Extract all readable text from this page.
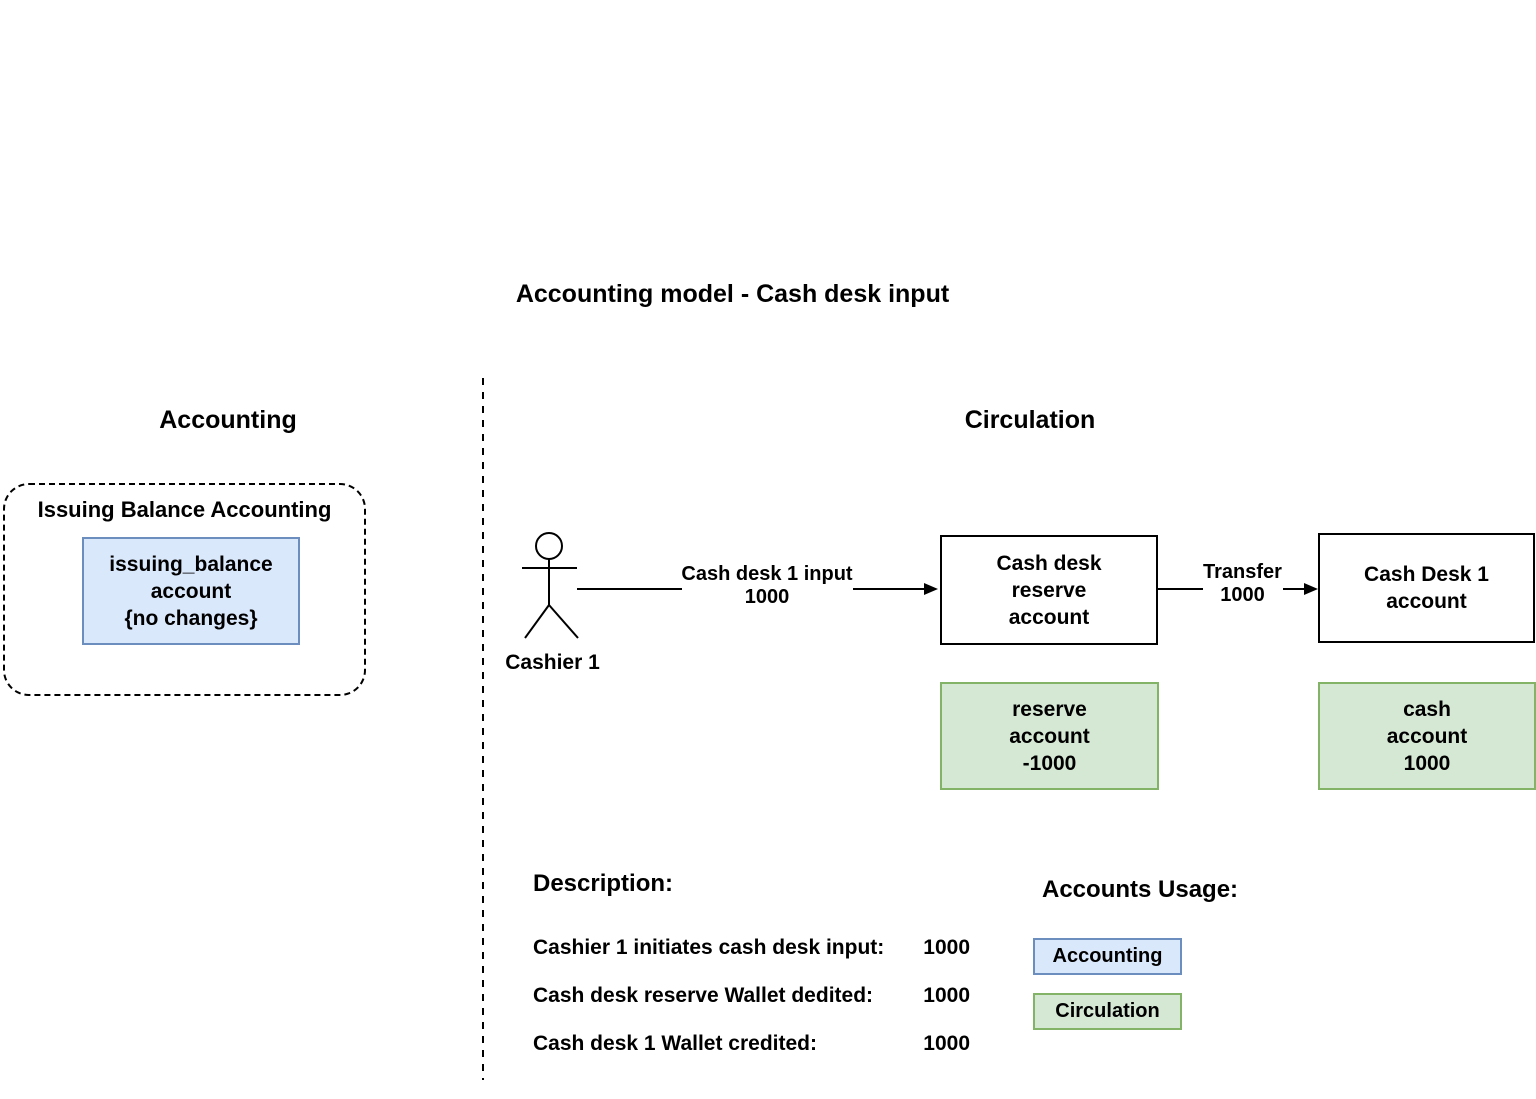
Accounting model - Cash desk input
Accounting	Circulation
Issuing Balance Accounting
issuing_balance
account
{no changes}
Cashier 1
Cash desk 1 input
1000
Cash desk
reserve
account
Transfer
1000
Cash Desk 1
account
reserve
account
-1000
cash
account
1000
Description:
Cashier 1 initiates cash desk input: 1000
Cash desk reserve Wallet dedited: 1000
Cash desk 1 Wallet credited:	1000
Accounts Usage:
Accounting
Circulation
